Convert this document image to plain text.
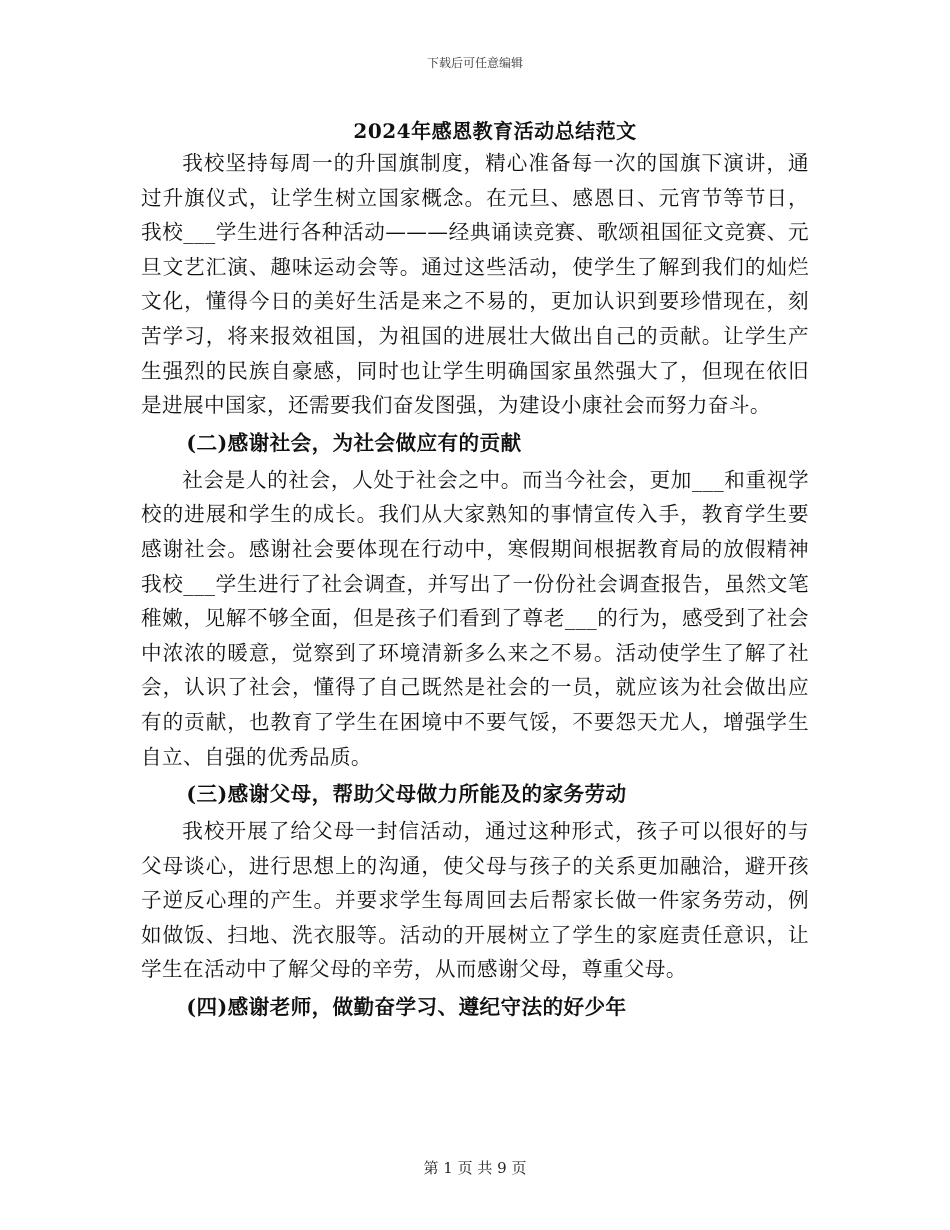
下载后可任意编辑
2024年感恩教育活动总结范文

我校坚持每周一的升国旗制度，精心准备每一次的国旗下演讲，通过升旗仪式，让学生树立国家概念。在元旦、感恩日、元宵节等节日，我校___学生进行各种活动———经典诵读竞赛、歌颂祖国征文竞赛、元旦文艺汇演、趣味运动会等。通过这些活动，使学生了解到我们的灿烂文化，懂得今日的美好生活是来之不易的，更加认识到要珍惜现在，刻苦学习，将来报效祖国，为祖国的进展壮大做出自己的贡献。让学生产生强烈的民族自豪感，同时也让学生明确国家虽然强大了，但现在依旧是进展中国家，还需要我们奋发图强，为建设小康社会而努力奋斗。

(二)感谢社会，为社会做应有的贡献

社会是人的社会，人处于社会之中。而当今社会，更加___和重视学校的进展和学生的成长。我们从大家熟知的事情宣传入手，教育学生要感谢社会。感谢社会要体现在行动中，寒假期间根据教育局的放假精神我校___学生进行了社会调查，并写出了一份份社会调查报告，虽然文笔稚嫩，见解不够全面，但是孩子们看到了尊老___的行为，感受到了社会中浓浓的暖意，觉察到了环境清新多么来之不易。活动使学生了解了社会，认识了社会，懂得了自己既然是社会的一员，就应该为社会做出应有的贡献，也教育了学生在困境中不要气馁，不要怨天尤人，增强学生自立、自强的优秀品质。

(三)感谢父母，帮助父母做力所能及的家务劳动

我校开展了给父母一封信活动，通过这种形式，孩子可以很好的与父母谈心，进行思想上的沟通，使父母与孩子的关系更加融洽，避开孩子逆反心理的产生。并要求学生每周回去后帮家长做一件家务劳动，例如做饭、扫地、洗衣服等。活动的开展树立了学生的家庭责任意识，让学生在活动中了解父母的辛劳，从而感谢父母，尊重父母。

(四)感谢老师，做勤奋学习、遵纪守法的好少年

第 1 页 共 9 页
